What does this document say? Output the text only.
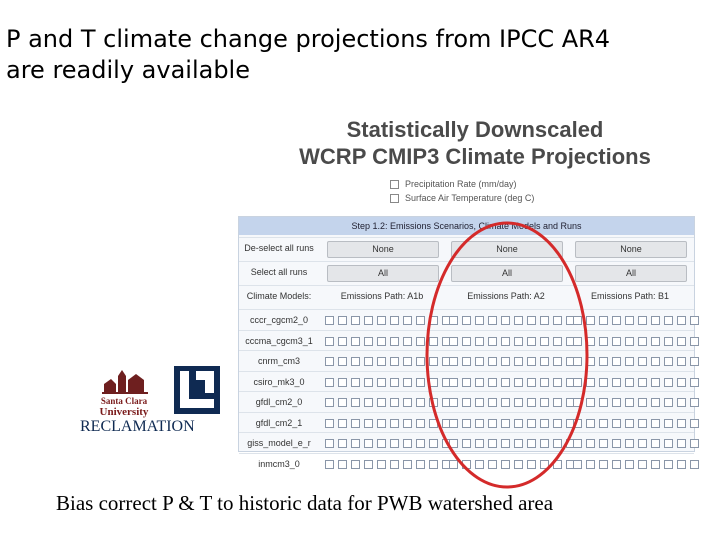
P and T climate change projections from IPCC AR4
are readily available
Statistically Downscaled
WCRP CMIP3 Climate Projections
Precipitation Rate (mm/day)
Surface Air Temperature (deg C)
Step 1.2: Emissions Scenarios, Climate Models and Runs
De-select all runs	None	None	None
Select all runs	All	All	All
Climate Models:	Emissions Path: A1b	Emissions Path: A2	Emissions Path: B1
cccr_cgcm2_0
cccma_cgcm3_1
cnrm_cm3
csiro_mk3_0
gfdl_cm2_0
gfdl_cm2_1
giss_model_e_r
inmcm3_0
Santa Clara
University
RECLAMATION
Bias correct P & T to historic data for PWB watershed area
